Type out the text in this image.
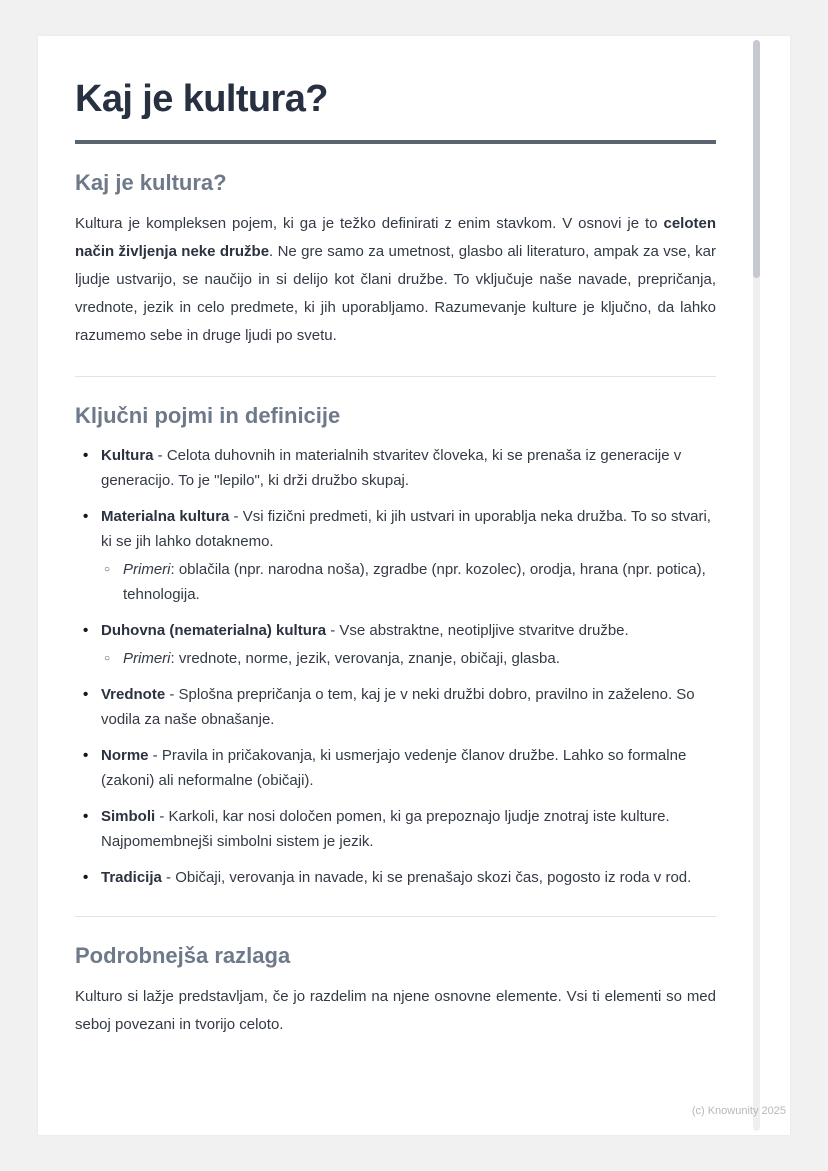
Kaj je kultura?
Kaj je kultura?

Kultura je kompleksen pojem, ki ga je težko definirati z enim stavkom. V osnovi je to celoten način življenja neke družbe. Ne gre samo za umetnost, glasbo ali literaturo, ampak za vse, kar ljudje ustvarijo, se naučijo in si delijo kot člani družbe. To vključuje naše navade, prepričanja, vrednote, jezik in celo predmete, ki jih uporabljamo. Razumevanje kulture je ključno, da lahko razumemo sebe in druge ljudi po svetu.

Ključni pojmi in definicije
• Kultura - Celota duhovnih in materialnih stvaritev človeka, ki se prenaša iz generacije v generacijo. To je "lepilo", ki drži družbo skupaj.
• Materialna kultura - Vsi fizični predmeti, ki jih ustvari in uporablja neka družba. To so stvari, ki se jih lahko dotaknemo.
○ Primeri: oblačila (npr. narodna noša), zgradbe (npr. kozolec), orodja, hrana (npr. potica), tehnologija.
• Duhovna (nematerialna) kultura - Vse abstraktne, neotipljive stvaritve družbe.
○ Primeri: vrednote, norme, jezik, verovanja, znanje, običaji, glasba.
• Vrednote - Splošna prepričanja o tem, kaj je v neki družbi dobro, pravilno in zaželeno. So vodila za naše obnašanje.
• Norme - Pravila in pričakovanja, ki usmerjajo vedenje članov družbe. Lahko so formalne (zakoni) ali neformalne (običaji).
• Simboli - Karkoli, kar nosi določen pomen, ki ga prepoznajo ljudje znotraj iste kulture. Najpomembnejši simbolni sistem je jezik.
• Tradicija - Običaji, verovanja in navade, ki se prenašajo skozi čas, pogosto iz roda v rod.
Podrobnejša razlaga

Kulturo si lažje predstavljam, če jo razdelim na njene osnovne elemente. Vsi ti elementi so med seboj povezani in tvorijo celoto.

(c) Knowunity 2025
